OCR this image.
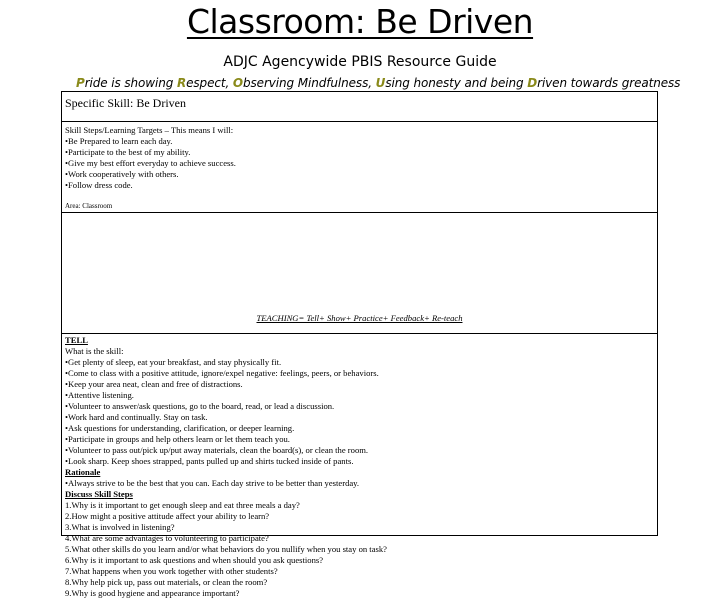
Classroom: Be Driven
ADJC Agencywide PBIS Resource Guide
Pride is showing Respect, Observing Mindfulness, Using honesty and being Driven towards greatness
Specific Skill: Be Driven
Skill Steps/Learning Targets – This means I will:
• Be Prepared to learn each day.
• Participate to the best of my ability.
• Give my best effort everyday to achieve success.
• Work cooperatively with others.
• Follow dress code.
Area: Classroom
TEACHING= Tell+ Show+ Practice+ Feedback+ Re-teach
TELL
What is the skill:
• Get plenty of sleep, eat your breakfast, and stay physically fit.
• Come to class with a positive attitude, ignore/expel negative: feelings, peers, or behaviors.
• Keep your area neat, clean and free of distractions.
• Attentive listening.
• Volunteer to answer/ask questions, go to the board, read, or lead a discussion.
• Work hard and continually. Stay on task.
• Ask questions for understanding, clarification, or deeper learning.
• Participate in groups and help others learn or let them teach you.
• Volunteer to pass out/pick up/put away materials, clean the board(s), or clean the room.
• Look sharp. Keep shoes strapped, pants pulled up and shirts tucked inside of pants.
Rationale
• Always strive to be the best that you can. Each day strive to be better than yesterday.
Discuss Skill Steps
1.Why is it important to get enough sleep and eat three meals a day?
2.How might a positive attitude affect your ability to learn?
3.What is involved in listening?
4.What are some advantages to volunteering to participate?
5.What other skills do you learn and/or what behaviors do you nullify when you stay on task?
6.Why is it important to ask questions and when should you ask questions?
7.What happens when you work together with other students?
8.Why help pick up, pass out materials, or clean the room?
9.Why is good hygiene and appearance important?
